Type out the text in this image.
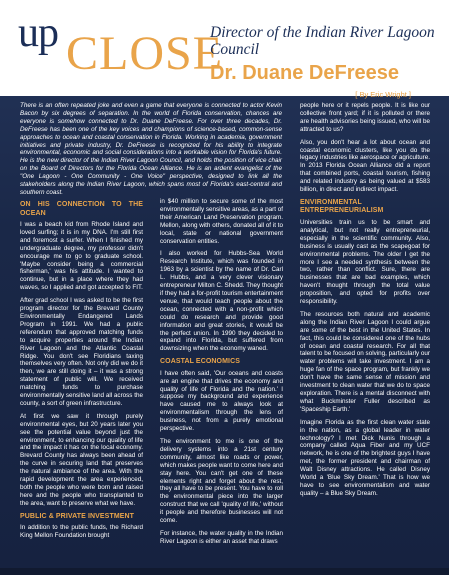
up CLOSE
Director of the Indian River Lagoon Council
Dr. Duane DeFreese
[ By Eric Wright ]
There is an often repeated joke and even a game that everyone is connected to actor Kevin Bacon by six degrees of separation. In the world of Florida conservation, chances are everyone is somehow connected to Dr. Duane DeFreese. For over three decades, Dr. DeFreese has been one of the key voices and champions of science-based, common-sense approaches to ocean and coastal conservation in Florida. Working in academia, government initiatives and private industry, Dr. DeFreese is recognized for his ability to integrate environmental, economic and social considerations into a workable vision for Florida's future. He is the new director of the Indian River Lagoon Council, and holds the position of vice chair on the Board of Directors for the Florida Ocean Alliance. He is an ardent evangelist of the "One Lagoon - One Community - One Voice" perspective, designed to link all the stakeholders along the Indian River Lagoon, which spans most of Florida's east-central and southern coast.
ON HIS CONNECTION TO THE OCEAN

I was a beach kid from Rhode Island and loved surfing; it is in my DNA. I'm still first and foremost a surfer. When I finished my undergraduate degree, my professor didn't encourage me to go to graduate school. 'Maybe consider being a commercial fisherman,' was his attitude. I wanted to continue, but in a place where they had waves, so I applied and got accepted to FIT.

After grad school I was asked to be the first program director for the Brevard County Environmentally Endangered Lands Program in 1991. We had a public referendum that approved matching funds to acquire properties around the Indian River Lagoon and the Atlantic Coastal Ridge. You don't see Floridians taxing themselves very often. Not only did we do it then, we are still doing it – it was a strong statement of public will. We received matching funds to purchase environmentally sensitive land all across the county, a sort of green infrastructure.

At first we saw it through purely environmental eyes, but 20 years later you see the potential value beyond just the environment, to enhancing our quality of life and the impact it has on the local economy. Brevard County has always been ahead of the curve in securing land that preserves the natural ambiance of the area. With the rapid development the area experienced, both the people who were born and raised here and the people who transplanted to the area, want to preserve what we have.

PUBLIC & PRIVATE INVESTMENT

In addition to the public funds, the Richard King Mellon Foundation brought

in $40 million to secure some of the most environmentally sensitive areas, as a part of their American Land Preservation program. Mellon, along with others, donated all of it to local, state or national government conservation entities.

I also worked for Hubbs-Sea World Research Institute, which was founded in 1963 by a scientist by the name of Dr. Carl L. Hubbs, and a very clever visionary entrepreneur Milton C. Shedd. They thought if they had a for-profit tourism entertainment venue, that would teach people about the ocean, connected with a non-profit which could do research and provide good information and great stories, it would be the perfect union. In 1990 they decided to expand into Florida, but suffered from downsizing when the economy waned.

COASTAL ECONOMICS

I have often said, 'Our oceans and coasts are an engine that drives the economy and quality of life of Florida and the nation.' I suppose my background and experience have caused me to always look at environmentalism through the lens of business, not from a purely emotional perspective.

The environment to me is one of the delivery systems into a 21st century community, almost like roads or power, which makes people want to come here and stay here. You can't get one of these elements right and forget about the rest, they all have to be present. You have to roll the environmental piece into the larger construct that we call 'quality of life,' without it people and therefore businesses will not come.

For instance, the water quality in the Indian River Lagoon is either an asset that draws

people here or it repels people. It is like our collective front yard; if it is polluted or there are health advisories being issued, who will be attracted to us?

Also, you don't hear a lot about ocean and coastal economic clusters, like you do the legacy industries like aerospace or agriculture. In 2013 Florida Ocean Alliance did a report that combined ports, coastal tourism, fishing and related industry as being valued at $583 billion, in direct and indirect impact.

ENVIRONMENTAL ENTREPRENEURIALISM

Universities train us to be smart and analytical, but not really entrepreneurial, especially in the scientific community. Also, business is usually cast as the scapegoat for environmental problems. The older I get the more I see a needed synthesis between the two, rather than conflict. Sure, there are businesses that are bad examples, which haven't thought through the total value proposition, and opted for profits over responsibility.

The resources both natural and academic along the Indian River Lagoon I could argue are some of the best in the United States. In fact, this could be considered one of the hubs of ocean and coastal research. For all that talent to be focused on solving, particularly our water problems will take investment. I am a huge fan of the space program, but frankly we don't have the same sense of mission and investment to clean water that we do to space exploration. There is a mental disconnect with what Buckminster Fuller described as 'Spaceship Earth.'

Imagine Florida as the first clean water state in the nation, as a global leader in water technology? I met Dick Nunis through a company called Aqua Fiber and my UCF network, he is one of the brightest guys I have met, the former president and chairman of Walt Disney attractions. He called Disney World a 'Blue Sky Dream.' That is how we have to see environmentalism and water quality – a Blue Sky Dream.
